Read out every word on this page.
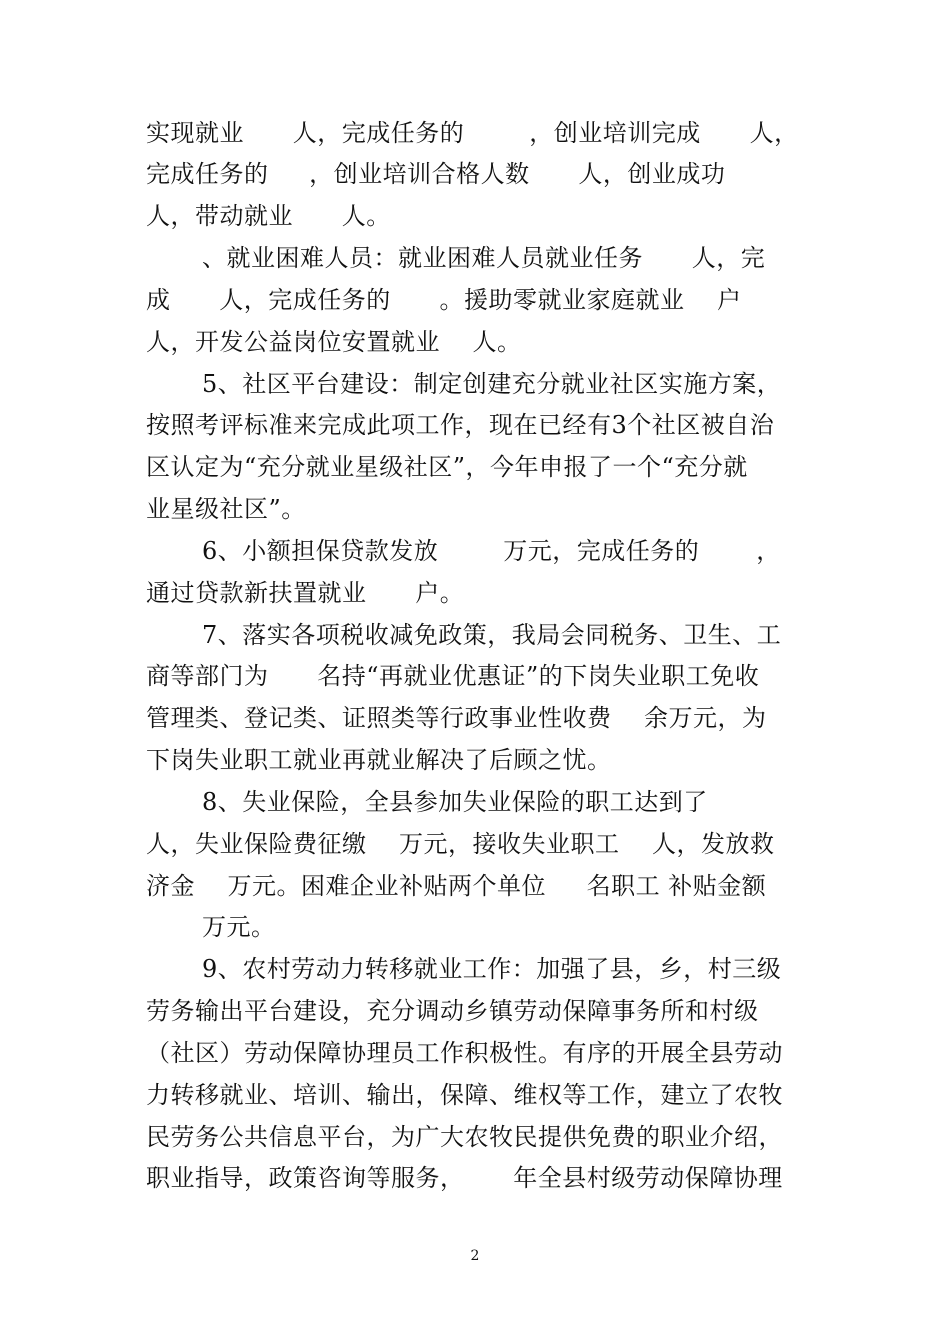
实现就业      人，完成任务的        ，创业培训完成      人，
完成任务的     ，创业培训合格人数      人，创业成功
人，带动就业      人。
、就业困难人员：就业困难人员就业任务      人，完
成      人，完成任务的      。援助零就业家庭就业    户
人，开发公益岗位安置就业    人。
5、社区平台建设：制定创建充分就业社区实施方案，
按照考评标准来完成此项工作，现在已经有3个社区被自治
区认定为“充分就业星级社区”，今年申报了一个“充分就
业星级社区”。
6、小额担保贷款发放        万元，完成任务的       ，
通过贷款新扶置就业      户。
7、落实各项税收减免政策，我局会同税务、卫生、工
商等部门为      名持“再就业优惠证”的下岗失业职工免收
管理类、登记类、证照类等行政事业性收费    余万元，为
下岗失业职工就业再就业解决了后顾之忧。
8、失业保险，全县参加失业保险的职工达到了
人，失业保险费征缴    万元，接收失业职工    人，发放救
济金    万元。困难企业补贴两个单位     名职工 补贴金额
万元。
9、农村劳动力转移就业工作：加强了县，乡，村三级
劳务输出平台建设，充分调动乡镇劳动保障事务所和村级
（社区）劳动保障协理员工作积极性。有序的开展全县劳动
力转移就业、培训、输出，保障、维权等工作，建立了农牧
民劳务公共信息平台，为广大农牧民提供免费的职业介绍，
职业指导，政策咨询等服务，      年全县村级劳动保障协理
2
